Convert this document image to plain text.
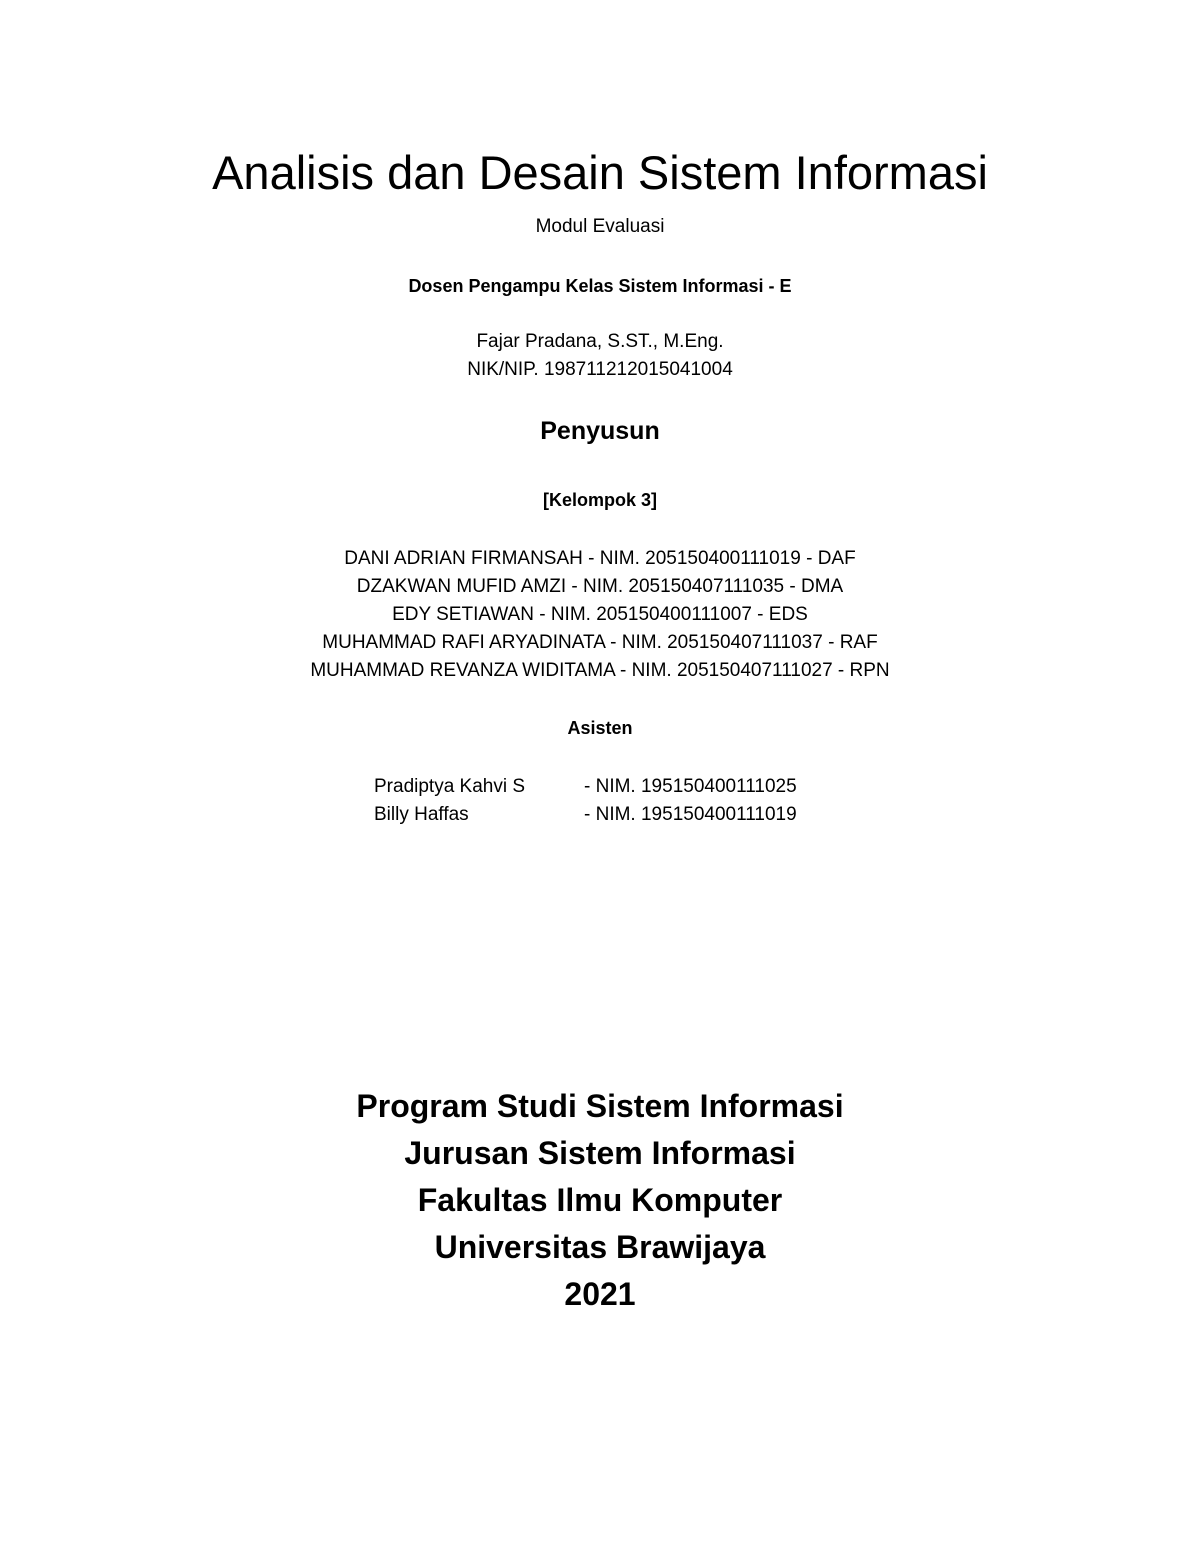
Analisis dan Desain Sistem Informasi
Modul Evaluasi
Dosen Pengampu Kelas Sistem Informasi - E
Fajar Pradana, S.ST., M.Eng.
NIK/NIP. 198711212015041004
Penyusun
[Kelompok 3]
DANI ADRIAN FIRMANSAH - NIM. 205150400111019 - DAF
DZAKWAN MUFID AMZI - NIM. 205150407111035 - DMA
EDY SETIAWAN - NIM. 205150400111007 - EDS
MUHAMMAD RAFI ARYADINATA - NIM. 205150407111037 - RAF
MUHAMMAD REVANZA WIDITAMA - NIM. 205150407111027 - RPN
Asisten
Pradiptya Kahvi S	- NIM. 195150400111025
Billy Haffas	- NIM. 195150400111019
Program Studi Sistem Informasi
Jurusan Sistem Informasi
Fakultas Ilmu Komputer
Universitas Brawijaya
2021
